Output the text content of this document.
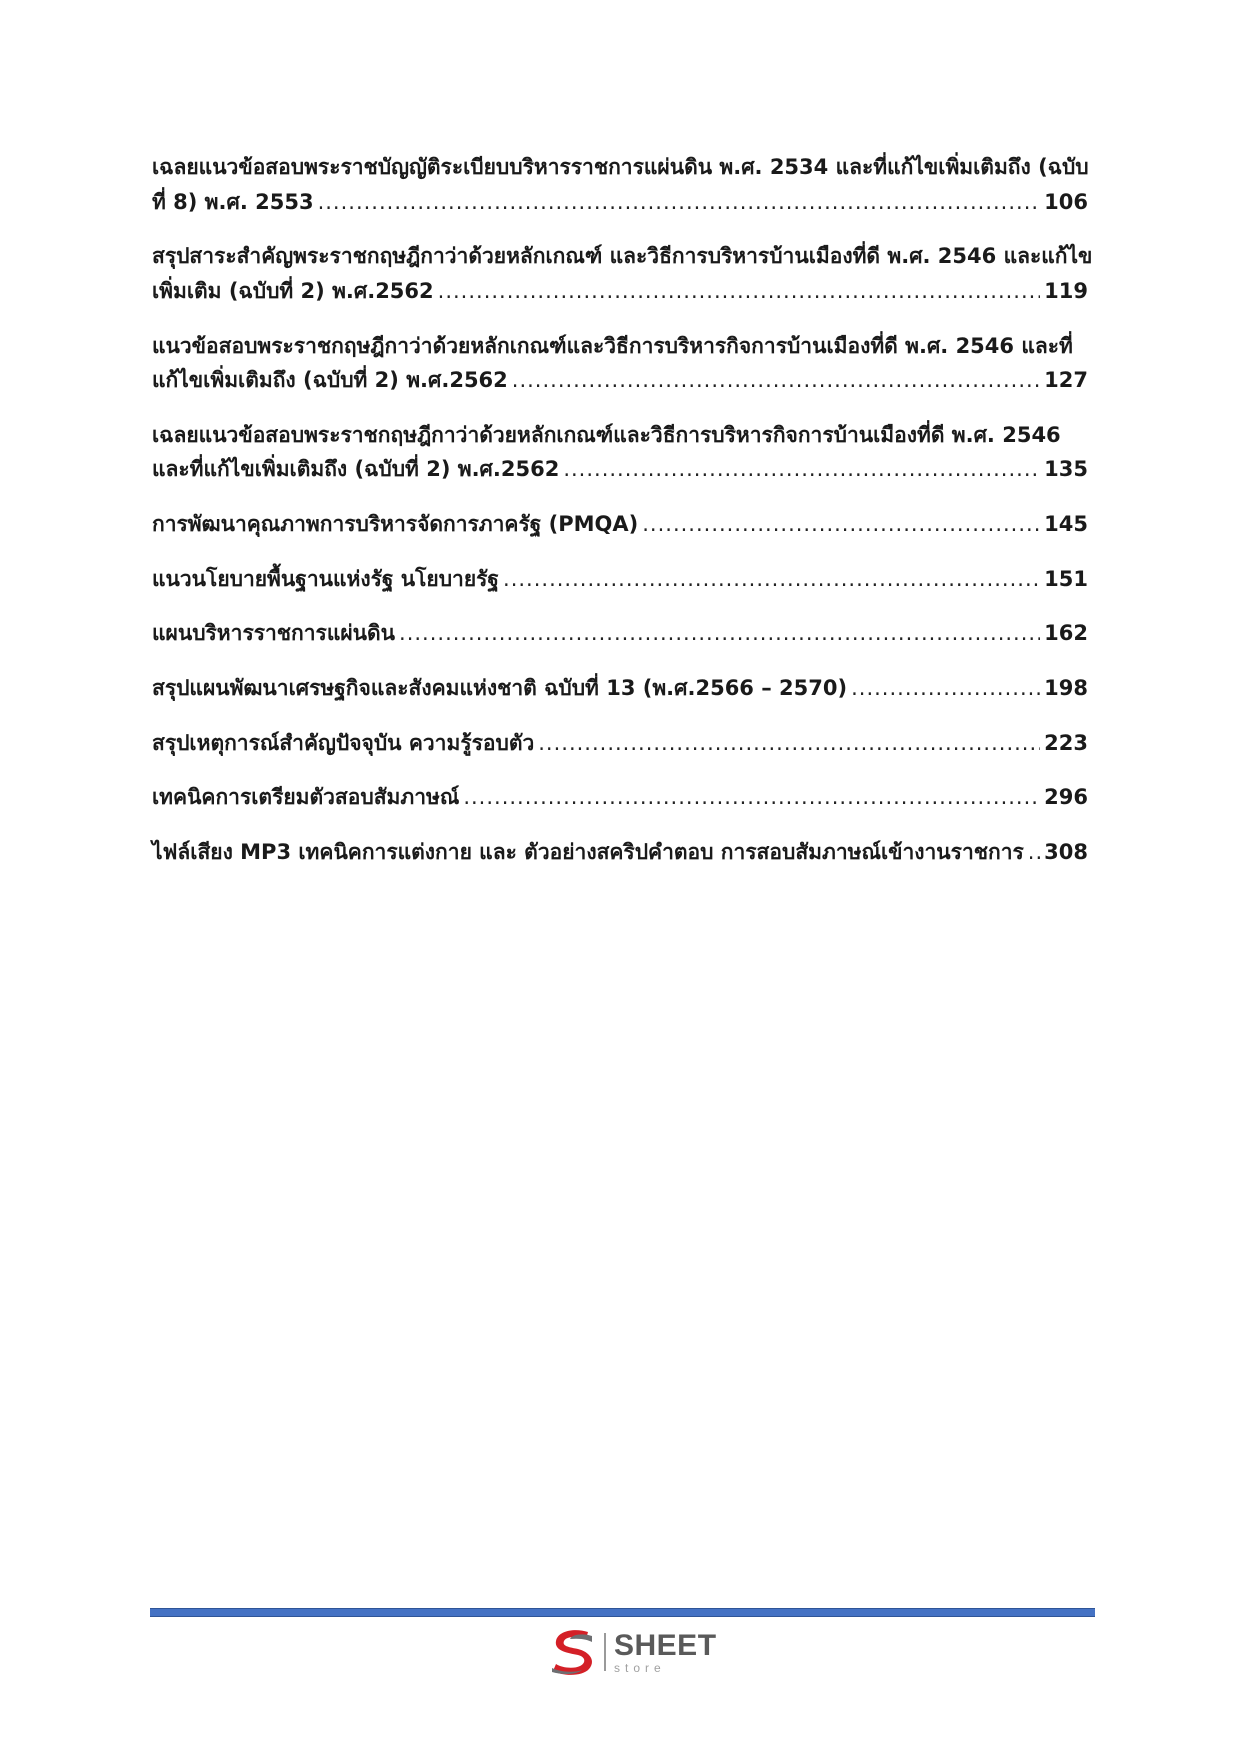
เฉลยแนวข้อสอบพระราชบัญญัติระเบียบบริหารราชการแผ่นดิน พ.ศ. 2534 และที่แก้ไขเพิ่มเติมถึง (ฉบับ
ที่ 8) พ.ศ. 2553 .....	106
สรุปสาระสำคัญพระราชกฤษฎีกาว่าด้วยหลักเกณฑ์ และวิธีการบริหารบ้านเมืองที่ดี พ.ศ. 2546 และแก้ไข
เพิ่มเติม (ฉบับที่ 2) พ.ศ.2562 .....	119
แนวข้อสอบพระราชกฤษฎีกาว่าด้วยหลักเกณฑ์และวิธีการบริหารกิจการบ้านเมืองที่ดี พ.ศ. 2546 และที่
แก้ไขเพิ่มเติมถึง (ฉบับที่ 2) พ.ศ.2562 .....	127
เฉลยแนวข้อสอบพระราชกฤษฎีกาว่าด้วยหลักเกณฑ์และวิธีการบริหารกิจการบ้านเมืองที่ดี พ.ศ. 2546
และที่แก้ไขเพิ่มเติมถึง (ฉบับที่ 2) พ.ศ.2562 .....	135
การพัฒนาคุณภาพการบริหารจัดการภาครัฐ (PMQA) .....	145
แนวนโยบายพื้นฐานแห่งรัฐ นโยบายรัฐ .....	151
แผนบริหารราชการแผ่นดิน .....	162
สรุปแผนพัฒนาเศรษฐกิจและสังคมแห่งชาติ ฉบับที่ 13 (พ.ศ.2566 – 2570) .....	198
สรุปเหตุการณ์สำคัญปัจจุบัน ความรู้รอบตัว .....	223
เทคนิคการเตรียมตัวสอบสัมภาษณ์ .....	296
ไฟล์เสียง MP3 เทคนิคการแต่งกาย และ ตัวอย่างสคริปคำตอบ การสอบสัมภาษณ์เข้างานราชการ ..... 308
SHEET
store
